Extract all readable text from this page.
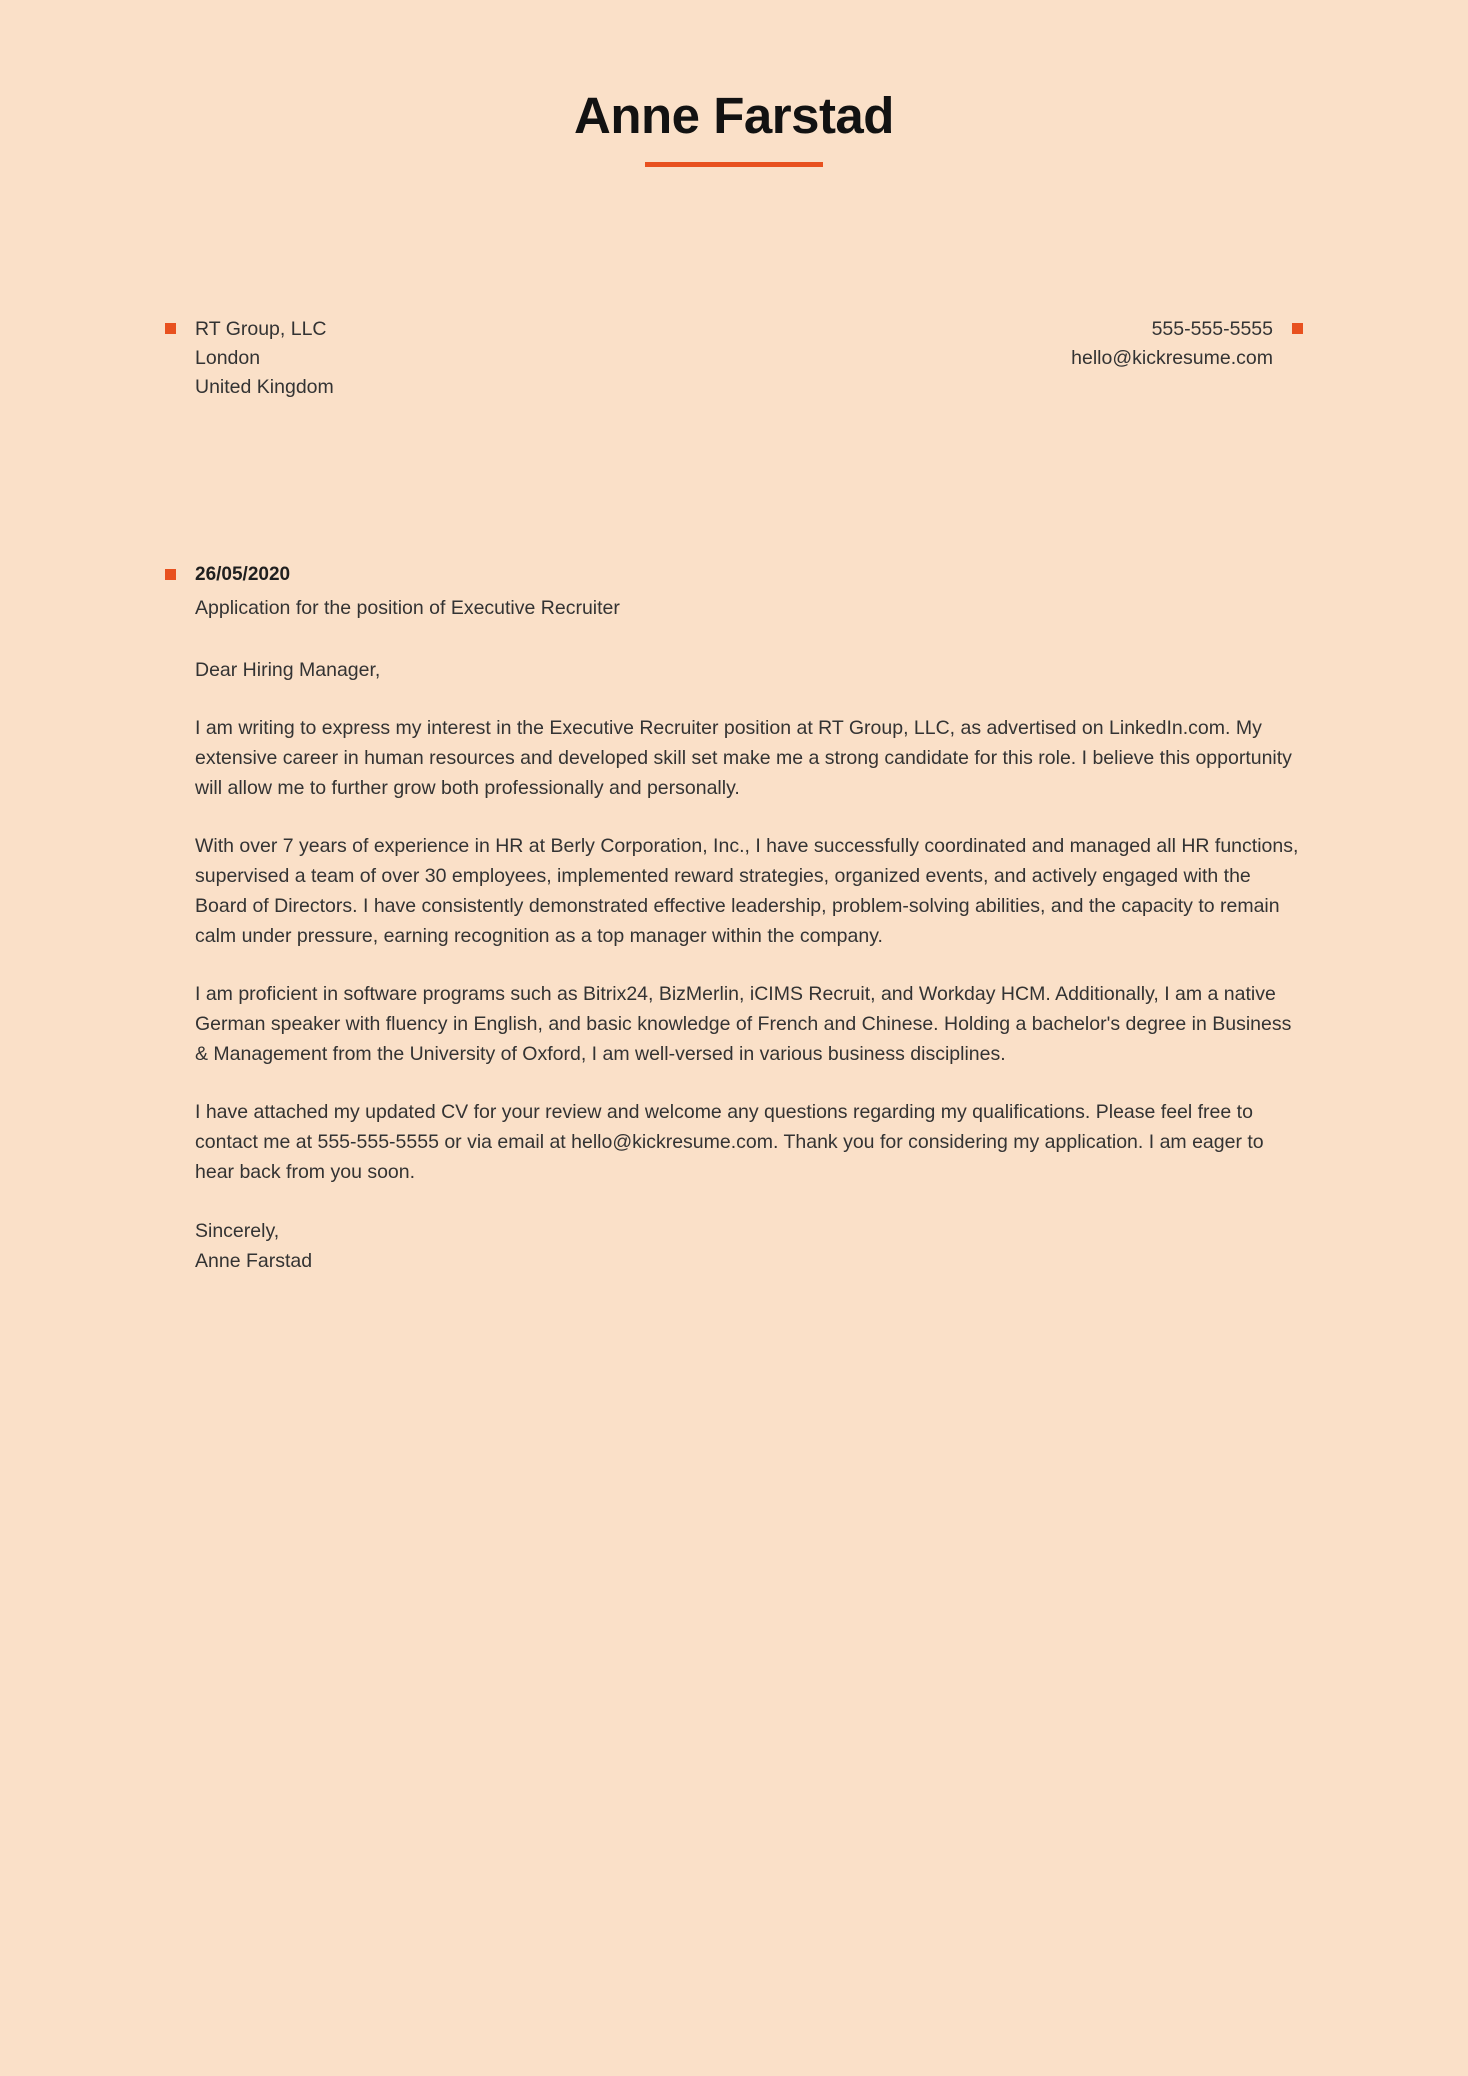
Anne Farstad
RT Group, LLC
London
United Kingdom
555-555-5555
hello@kickresume.com
26/05/2020
Application for the position of Executive Recruiter
Dear Hiring Manager,
I am writing to express my interest in the Executive Recruiter position at RT Group, LLC, as advertised on LinkedIn.com. My extensive career in human resources and developed skill set make me a strong candidate for this role. I believe this opportunity will allow me to further grow both professionally and personally.
With over 7 years of experience in HR at Berly Corporation, Inc., I have successfully coordinated and managed all HR functions, supervised a team of over 30 employees, implemented reward strategies, organized events, and actively engaged with the Board of Directors. I have consistently demonstrated effective leadership, problem-solving abilities, and the capacity to remain calm under pressure, earning recognition as a top manager within the company.
I am proficient in software programs such as Bitrix24, BizMerlin, iCIMS Recruit, and Workday HCM. Additionally, I am a native German speaker with fluency in English, and basic knowledge of French and Chinese. Holding a bachelor's degree in Business & Management from the University of Oxford, I am well-versed in various business disciplines.
I have attached my updated CV for your review and welcome any questions regarding my qualifications. Please feel free to contact me at 555-555-5555 or via email at hello@kickresume.com. Thank you for considering my application. I am eager to hear back from you soon.
Sincerely,
Anne Farstad
